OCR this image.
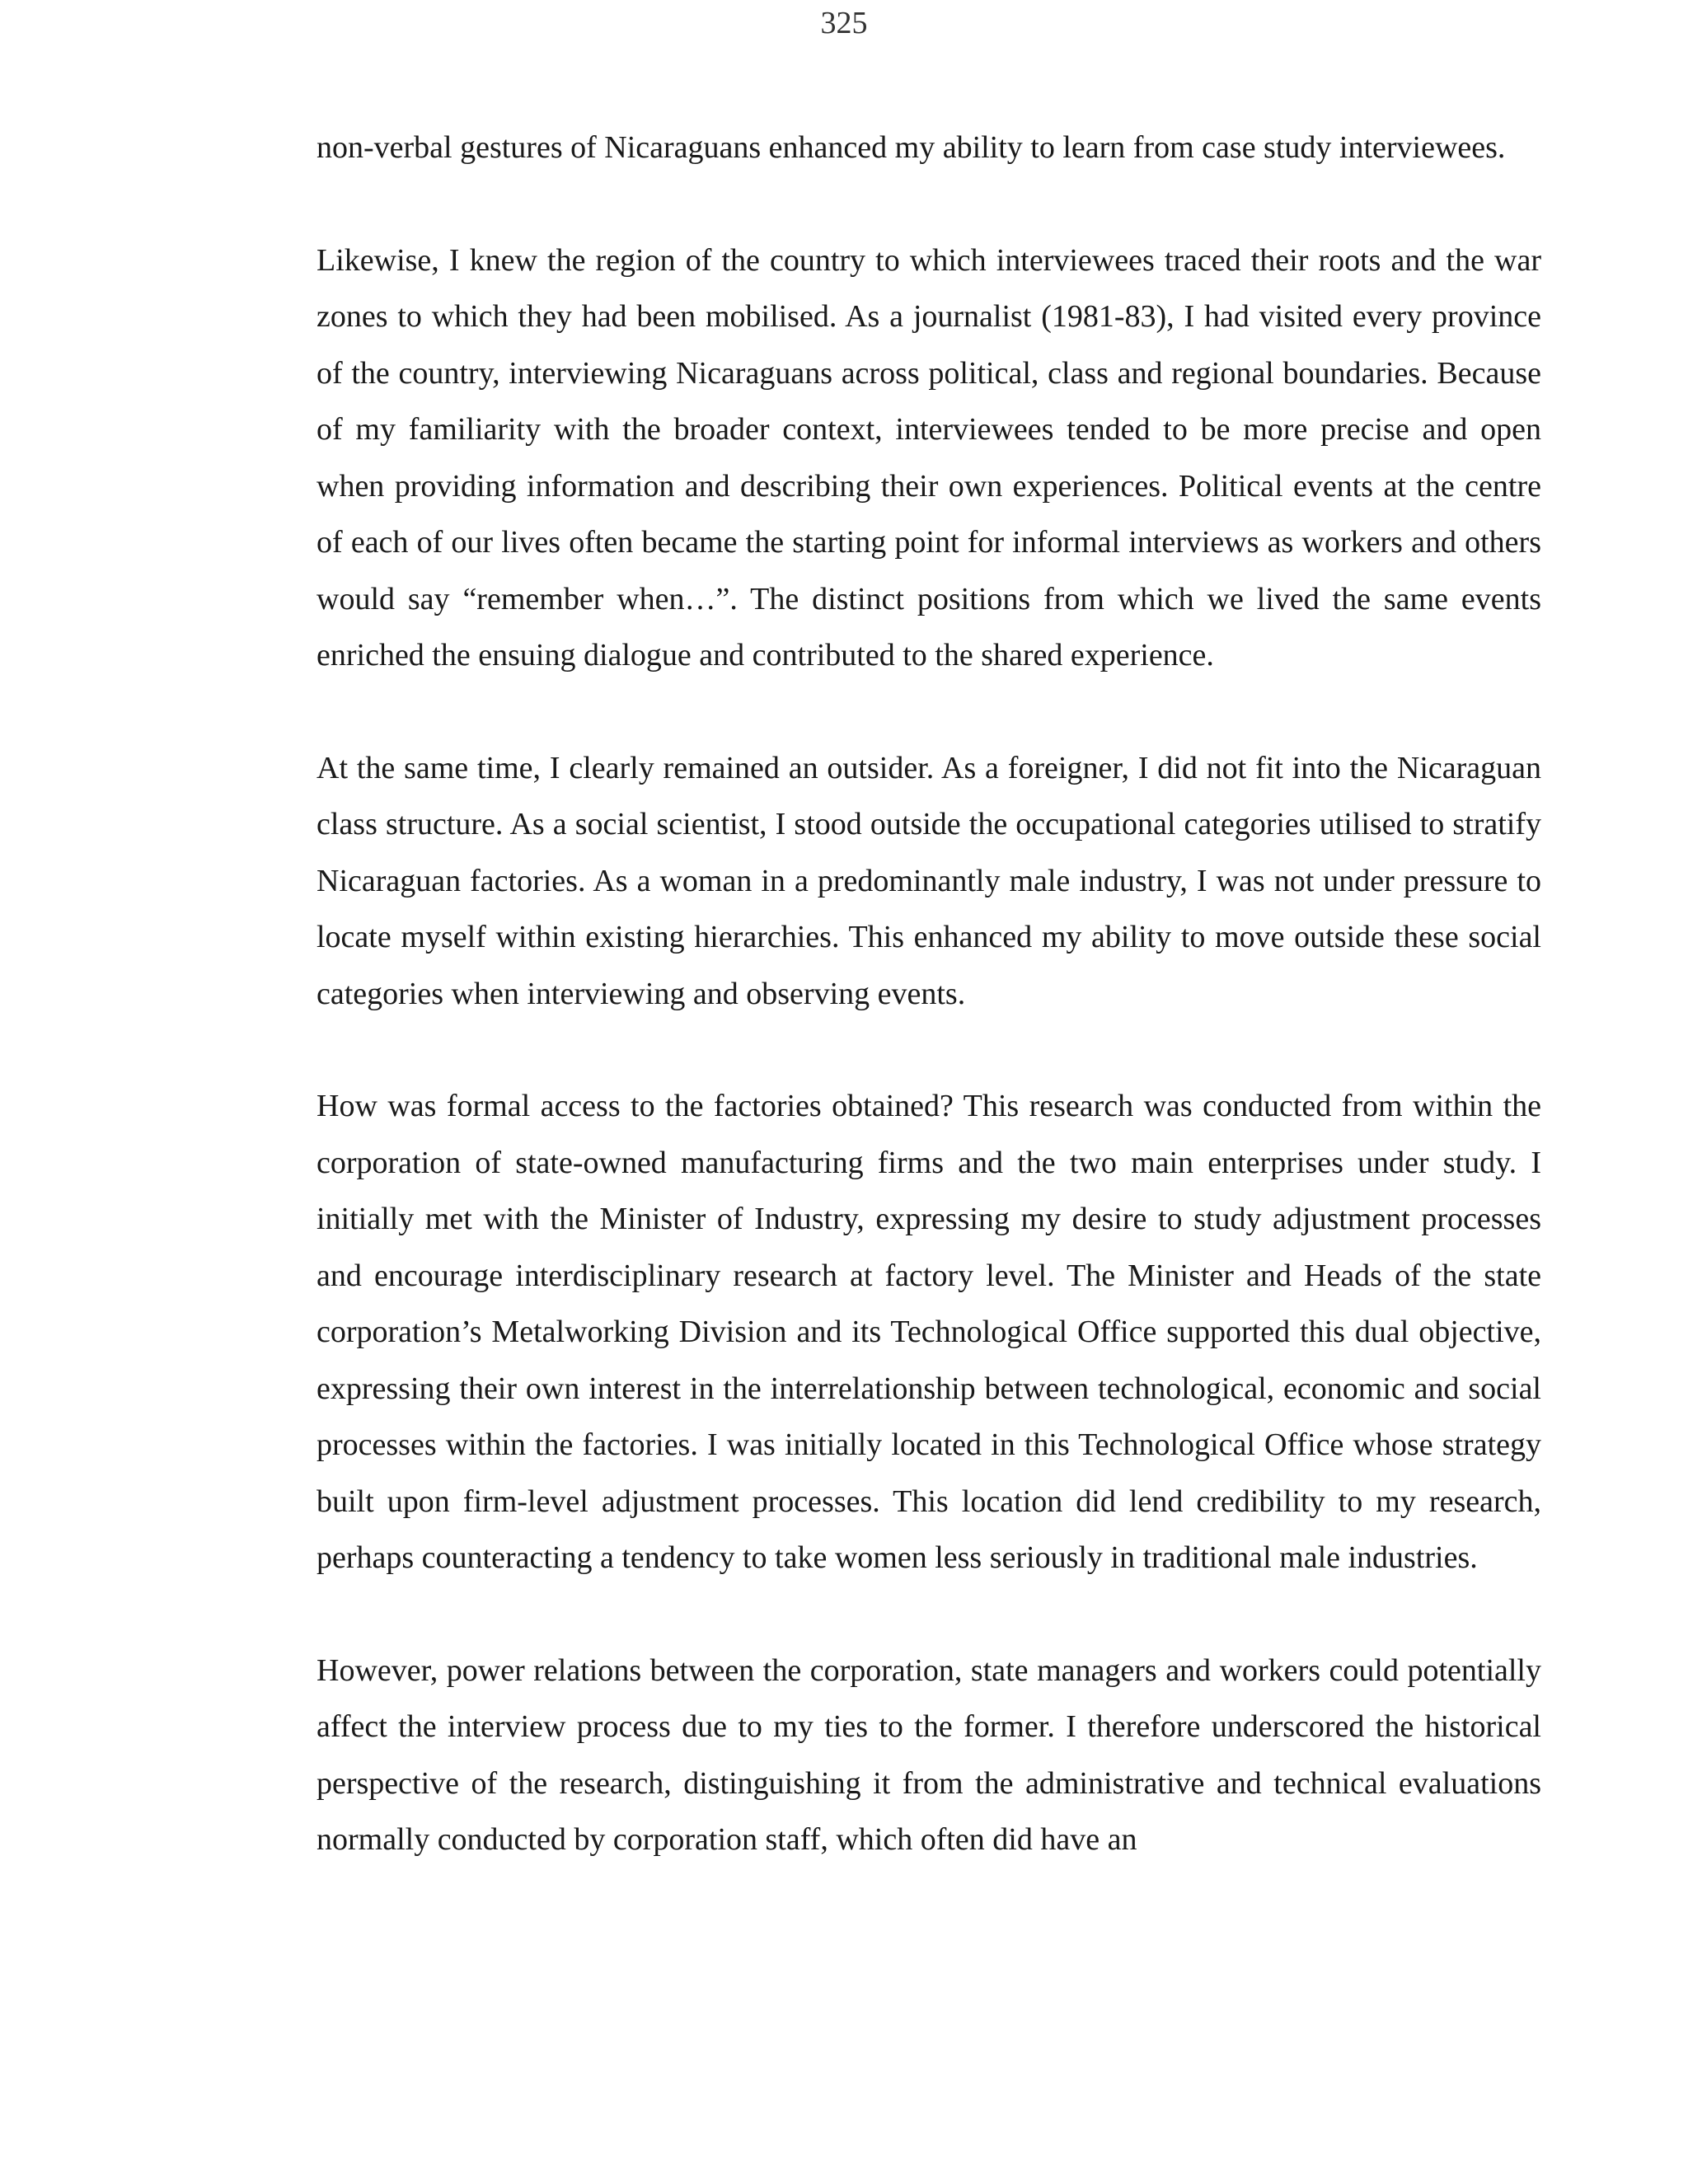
325

non-verbal gestures of Nicaraguans enhanced my ability to learn from case study interviewees.

Likewise, I knew the region of the country to which interviewees traced their roots and the war zones to which they had been mobilised. As a journalist (1981-83), I had visited every province of the country, interviewing Nicaraguans across political, class and regional boundaries. Because of my familiarity with the broader context, interviewees tended to be more precise and open when providing information and describing their own experiences. Political events at the centre of each of our lives often became the starting point for informal interviews as workers and others would say “remember when…”. The distinct positions from which we lived the same events enriched the ensuing dialogue and contributed to the shared experience.

At the same time, I clearly remained an outsider. As a foreigner, I did not fit into the Nicaraguan class structure. As a social scientist, I stood outside the occupational categories utilised to stratify Nicaraguan factories. As a woman in a predominantly male industry, I was not under pressure to locate myself within existing hierarchies. This enhanced my ability to move outside these social categories when interviewing and observing events.

How was formal access to the factories obtained? This research was conducted from within the corporation of state-owned manufacturing firms and the two main enterprises under study. I initially met with the Minister of Industry, expressing my desire to study adjustment processes and encourage interdisciplinary research at factory level. The Minister and Heads of the state corporation’s Metalworking Division and its Technological Office supported this dual objective, expressing their own interest in the interrelationship between technological, economic and social processes within the factories. I was initially located in this Technological Office whose strategy built upon firm-level adjustment processes. This location did lend credibility to my research, perhaps counteracting a tendency to take women less seriously in traditional male industries.

However, power relations between the corporation, state managers and workers could potentially affect the interview process due to my ties to the former. I therefore underscored the historical perspective of the research, distinguishing it from the administrative and technical evaluations normally conducted by corporation staff, which often did have an
